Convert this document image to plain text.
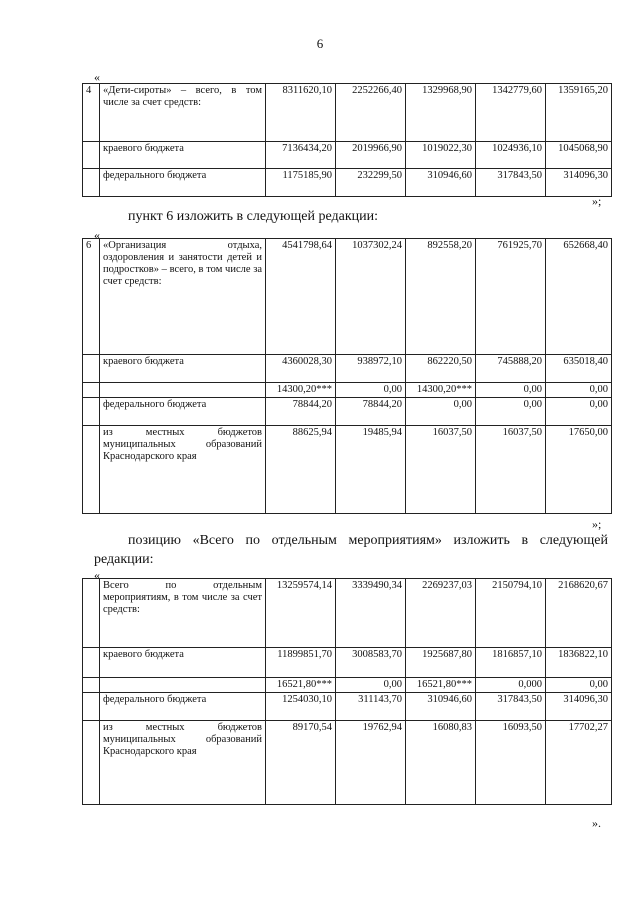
6
«
4	«Дети-сироты» – всего, в том числе за счет средств:	8311620,10	2252266,40	1329968,90	1342779,60	1359165,20	
	краевого бюджета	7136434,20	2019966,90	1019022,30	1024936,10	1045068,90	
	федерального бюджета	1175185,90	232299,50	310946,60	317843,50	314096,30	
»;
пункт 6 изложить в следующей редакции:
«
6	«Организация отдыха, оздоровления и занятости детей и подростков» – всего, в том числе за счет средств:	4541798,64	1037302,24	892558,20	761925,70	652668,40	
	краевого бюджета	4360028,30	938972,10	862220,50	745888,20	635018,40	
		14300,20***	0,00	14300,20***	0,00	0,00	
	федерального бюджета	78844,20	78844,20	0,00	0,00	0,00	
	из местных бюджетов муниципальных образований Краснодарского края	88625,94	19485,94	16037,50	16037,50	17650,00	
»;
позицию «Всего по отдельным мероприятиям» изложить в следующей
редакции:
«
	Всего по отдельным мероприятиям, в том числе за счет средств:	13259574,14	3339490,34	2269237,03	2150794,10	2168620,67	
	краевого бюджета	11899851,70	3008583,70	1925687,80	1816857,10	1836822,10	
		16521,80***	0,00	16521,80***	0,000	0,00	
	федерального бюджета	1254030,10	311143,70	310946,60	317843,50	314096,30	
	из местных бюджетов муниципальных образований Краснодарского края	89170,54	19762,94	16080,83	16093,50	17702,27	
».
